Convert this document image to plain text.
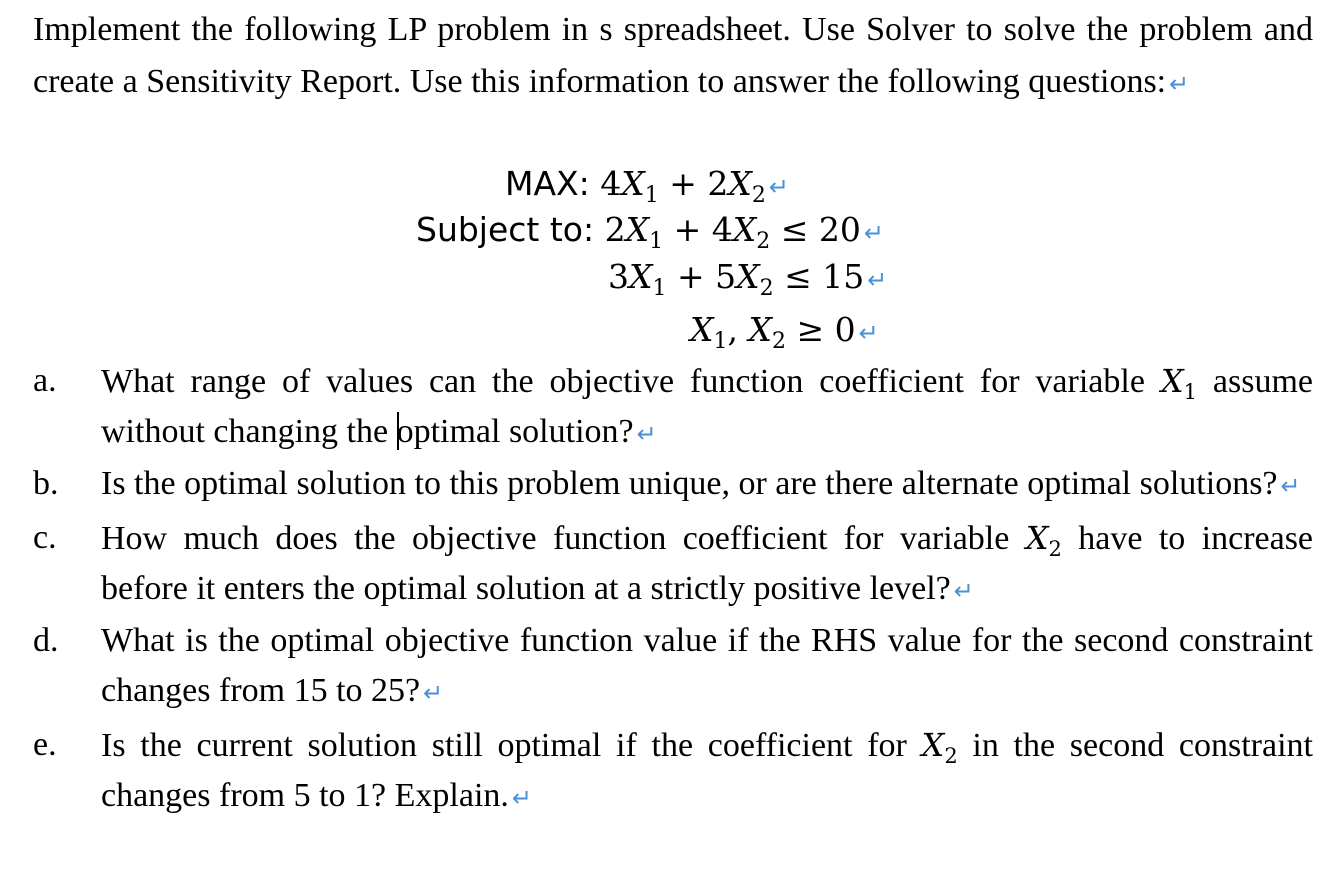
Implement the following LP problem in s spreadsheet. Use Solver to solve the problem and create a Sensitivity Report. Use this information to answer the following questions: ↵

MAX: $4X_1 + 2X_2$ ↵
Subject to: $2X_1 + 4X_2 \le 20$ ↵
$3X_1 + 5X_2 \le 15$ ↵
$X_1$, $X_2 \ge 0$ ↵
a. What range of values can the objective function coefficient for variable $X_1$ assume without changing the optimal solution? ↵
b. Is the optimal solution to this problem unique, or are there alternate optimal solutions? ↵
c. How much does the objective function coefficient for variable $X_2$ have to increase before it enters the optimal solution at a strictly positive level? ↵
d. What is the optimal objective function value if the RHS value for the second constraint changes from 15 to 25? ↵
e. Is the current solution still optimal if the coefficient for $X_2$ in the second constraint changes from 5 to 1? Explain. ↵
